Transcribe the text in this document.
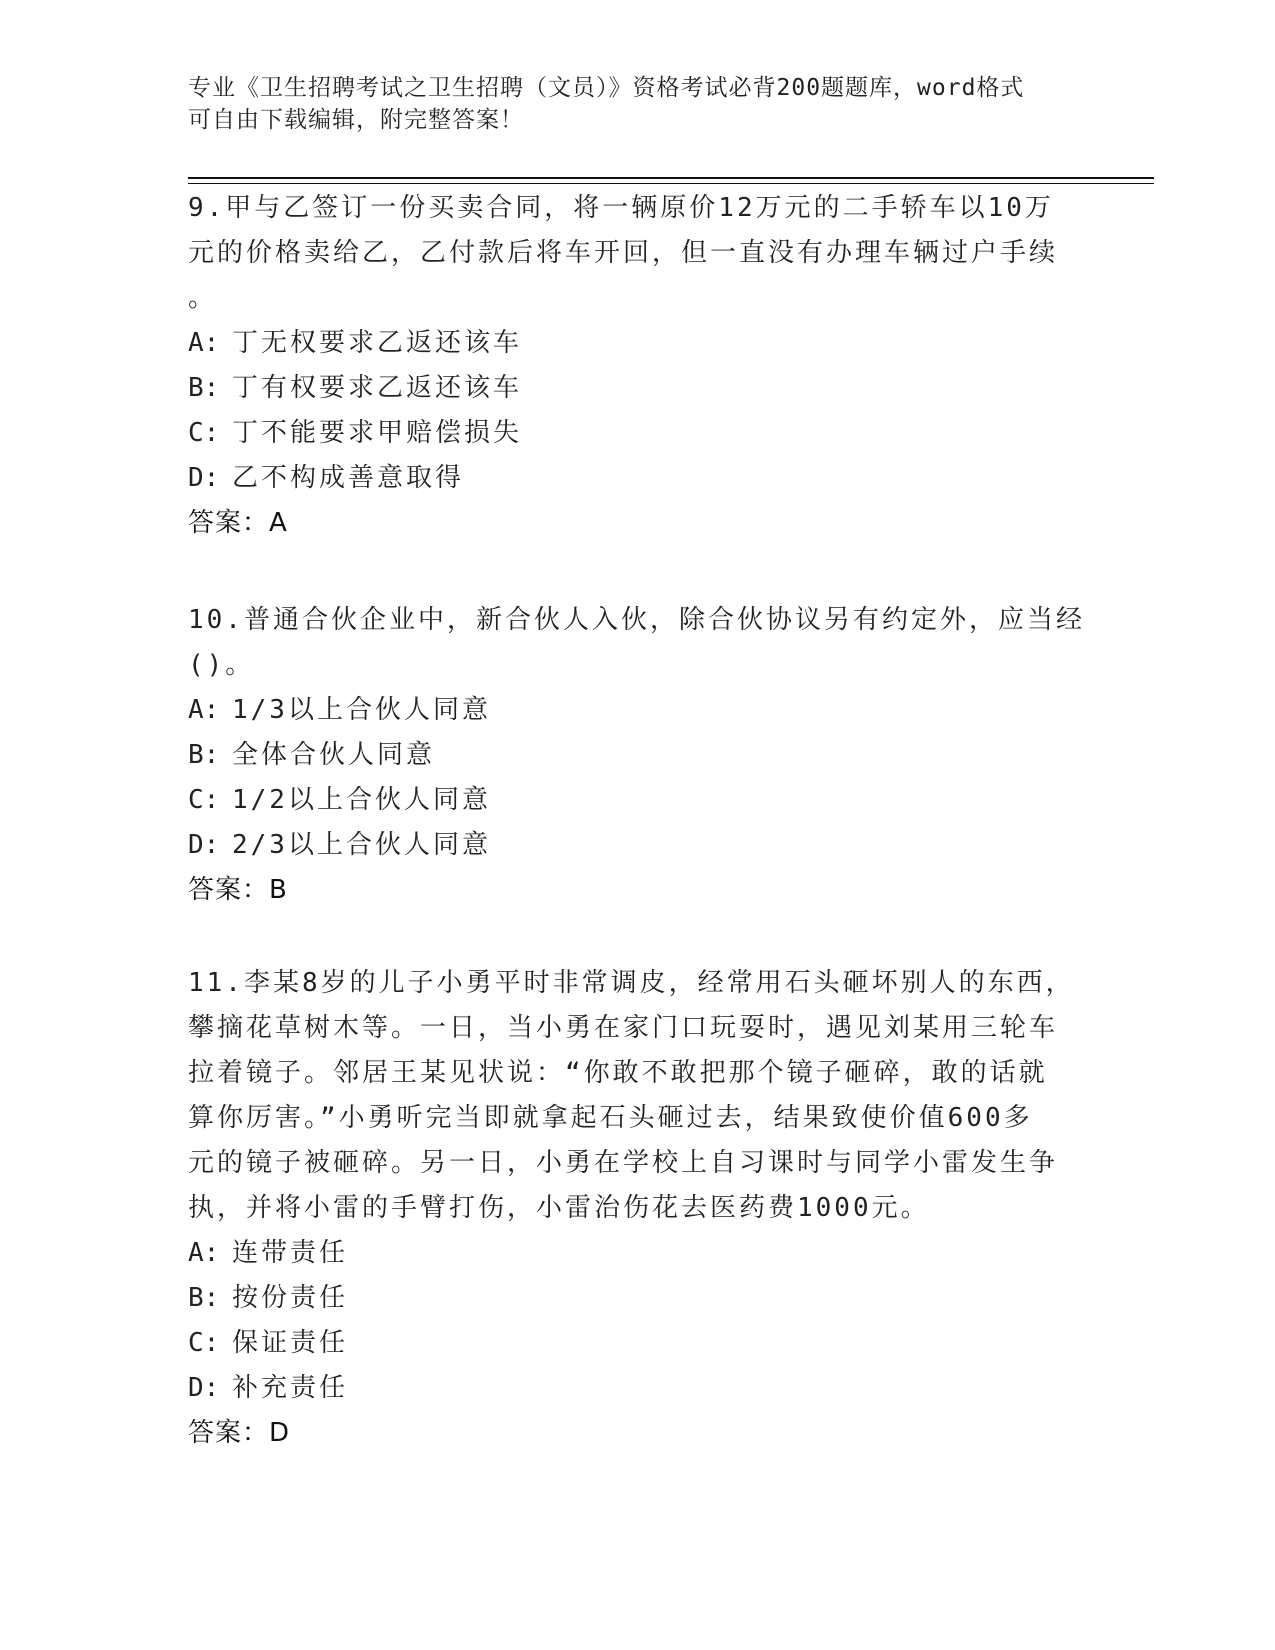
专业《卫生招聘考试之卫生招聘（文员）》资格考试必背200题题库，word格式
可自由下载编辑，附完整答案！

9.甲与乙签订一份买卖合同，将一辆原价12万元的二手轿车以10万

元的价格卖给乙，乙付款后将车开回，但一直没有办理车辆过户手续

。

A: 丁无权要求乙返还该车

B: 丁有权要求乙返还该车

C: 丁不能要求甲赔偿损失

D: 乙不构成善意取得

答案：A

10.普通合伙企业中，新合伙人入伙，除合伙协议另有约定外，应当经

()。

A: 1/3以上合伙人同意

B: 全体合伙人同意

C: 1/2以上合伙人同意

D: 2/3以上合伙人同意

答案：B

11.李某8岁的儿子小勇平时非常调皮，经常用石头砸坏别人的东西，

攀摘花草树木等。一日，当小勇在家门口玩耍时，遇见刘某用三轮车

拉着镜子。邻居王某见状说：“你敢不敢把那个镜子砸碎，敢的话就

算你厉害。”小勇听完当即就拿起石头砸过去，结果致使价值600多

元的镜子被砸碎。另一日，小勇在学校上自习课时与同学小雷发生争

执，并将小雷的手臂打伤，小雷治伤花去医药费1000元。

A: 连带责任

B: 按份责任

C: 保证责任

D: 补充责任

答案：D
